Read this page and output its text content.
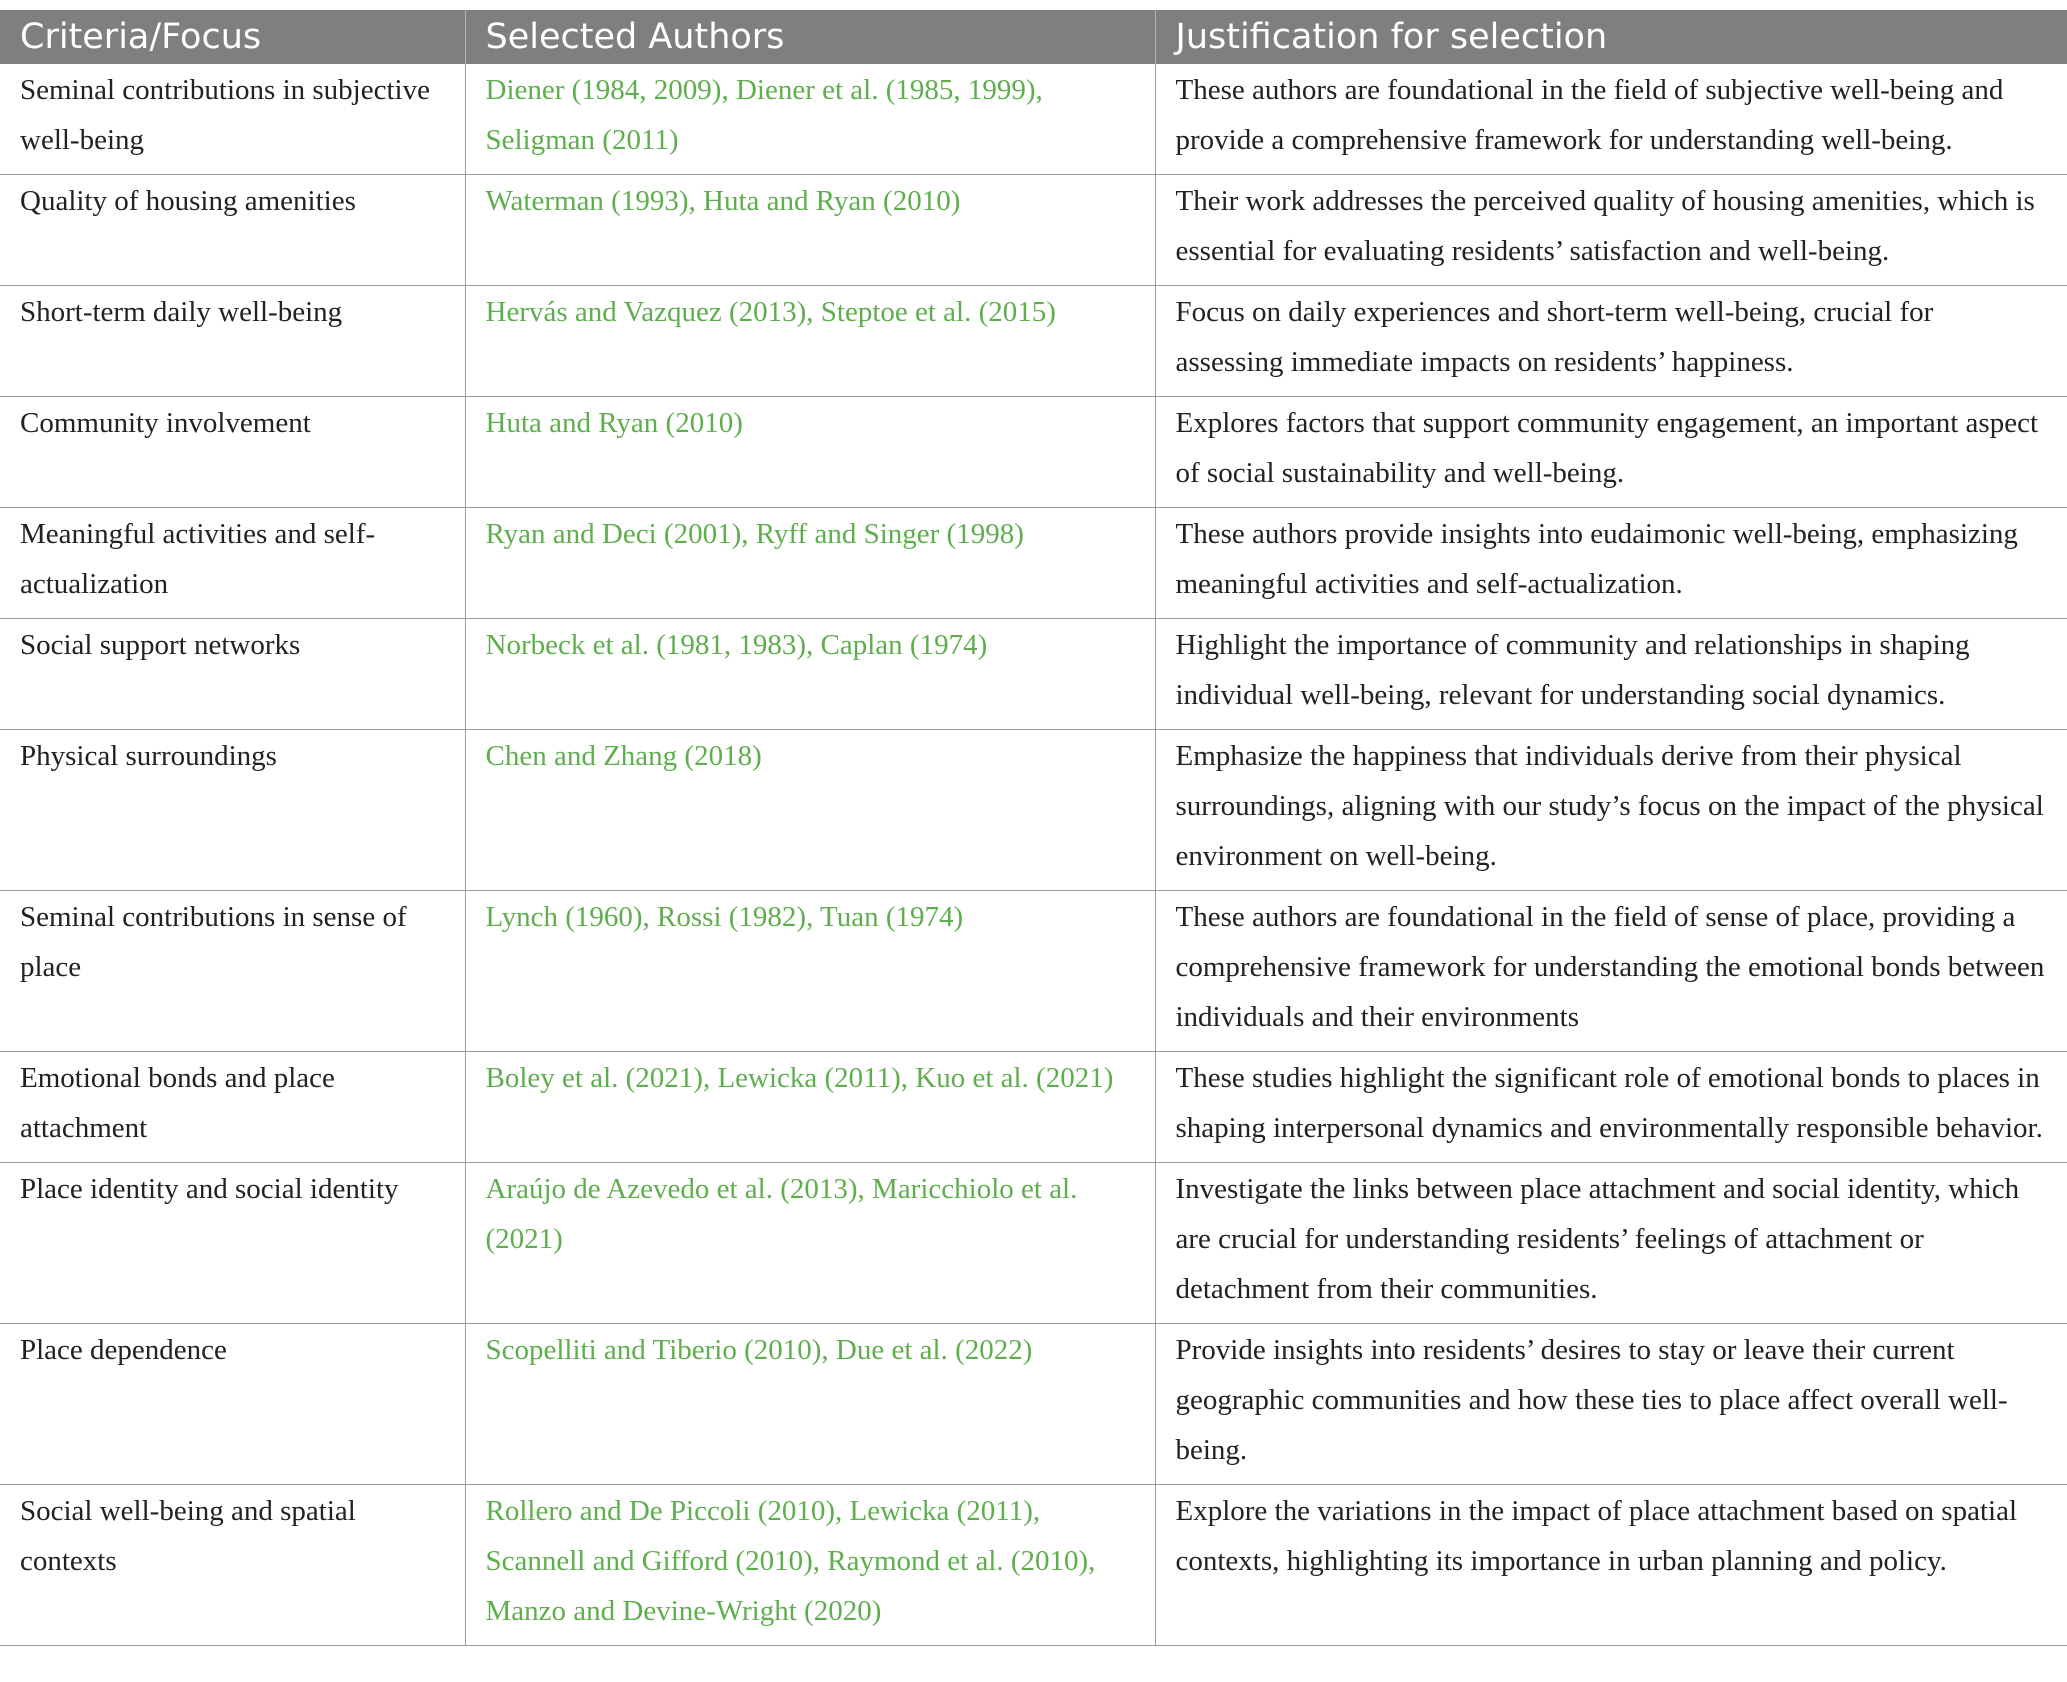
Criteria/Focus	Selected Authors	Justification for selection
Seminal contributions in subjective well-being	Diener (1984, 2009), Diener et al. (1985, 1999), Seligman (2011)	These authors are foundational in the field of subjective well-being and provide a comprehensive framework for understanding well-being.
Quality of housing amenities	Waterman (1993), Huta and Ryan (2010)	Their work addresses the perceived quality of housing amenities, which is essential for evaluating residents’ satisfaction and well-being.
Short-term daily well-being	Hervás and Vazquez (2013), Steptoe et al. (2015)	Focus on daily experiences and short-term well-being, crucial for assessing immediate impacts on residents’ happiness.
Community involvement	Huta and Ryan (2010)	Explores factors that support community engagement, an important aspect of social sustainability and well-being.
Meaningful activities and self-actualization	Ryan and Deci (2001), Ryff and Singer (1998)	These authors provide insights into eudaimonic well-being, emphasizing meaningful activities and self-actualization.
Social support networks	Norbeck et al. (1981, 1983), Caplan (1974)	Highlight the importance of community and relationships in shaping individual well-being, relevant for understanding social dynamics.
Physical surroundings	Chen and Zhang (2018)	Emphasize the happiness that individuals derive from their physical surroundings, aligning with our study’s focus on the impact of the physical environment on well-being.
Seminal contributions in sense of place	Lynch (1960), Rossi (1982), Tuan (1974)	These authors are foundational in the field of sense of place, providing a comprehensive framework for understanding the emotional bonds between individuals and their environments
Emotional bonds and place attachment	Boley et al. (2021), Lewicka (2011), Kuo et al. (2021)	These studies highlight the significant role of emotional bonds to places in shaping interpersonal dynamics and environmentally responsible behavior.
Place identity and social identity	Araújo de Azevedo et al. (2013), Maricchiolo et al. (2021)	Investigate the links between place attachment and social identity, which are crucial for understanding residents’ feelings of attachment or detachment from their communities.
Place dependence	Scopelliti and Tiberio (2010), Due et al. (2022)	Provide insights into residents’ desires to stay or leave their current geographic communities and how these ties to place affect overall well-being.
Social well-being and spatial contexts	Rollero and De Piccoli (2010), Lewicka (2011), Scannell and Gifford (2010), Raymond et al. (2010), Manzo and Devine-Wright (2020)	Explore the variations in the impact of place attachment based on spatial contexts, highlighting its importance in urban planning and policy.
